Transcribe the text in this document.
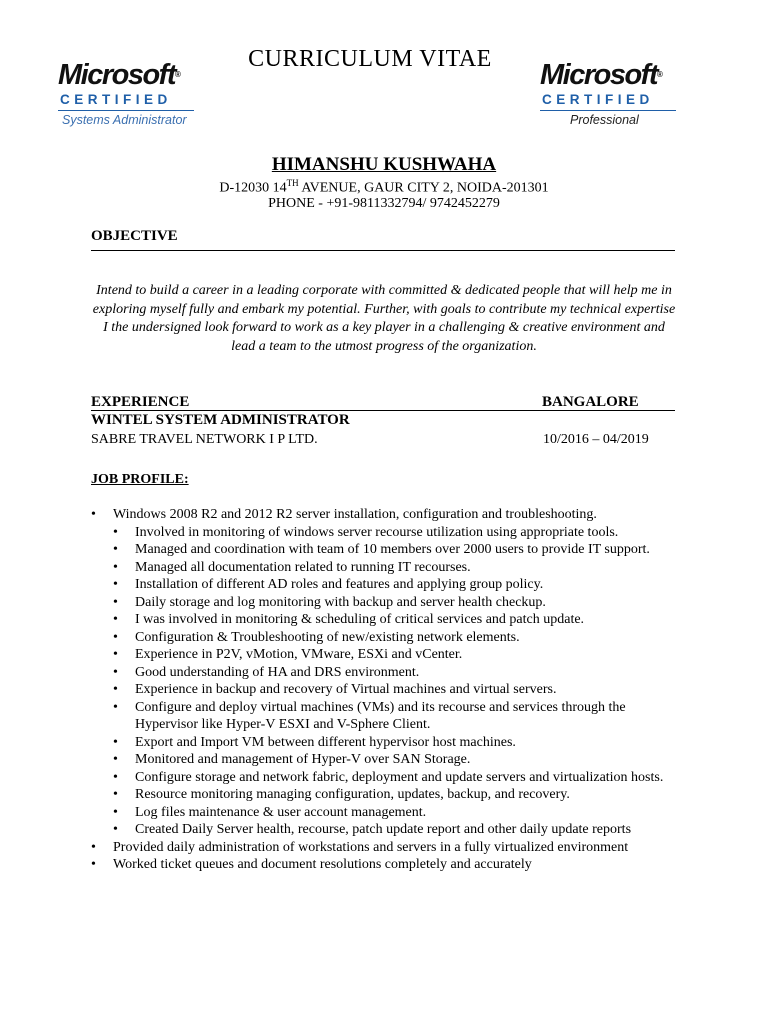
Microsoft®
CERTIFIED
Systems Administrator
Microsoft®
CERTIFIED
Professional
CURRICULUM VITAE
HIMANSHU KUSHWAHA
D-12030 14TH AVENUE, GAUR CITY 2, NOIDA-201301
PHONE - +91-9811332794/ 9742452279
OBJECTIVE
Intend to build a career in a leading corporate with committed & dedicated people that will help me in exploring myself fully and embark my potential. Further, with goals to contribute my technical expertise I the undersigned look forward to work as a key player in a challenging & creative environment and lead a team to the utmost progress of the organization.
EXPERIENCE	BANGALORE
WINTEL SYSTEM ADMINISTRATOR
SABRE TRAVEL NETWORK I P LTD.	10/2016 – 04/2019
JOB PROFILE:
• Windows 2008 R2 and 2012 R2 server installation, configuration and troubleshooting.
• Involved in monitoring of windows server recourse utilization using appropriate tools.
• Managed and coordination with team of 10 members over 2000 users to provide IT support.
• Managed all documentation related to running IT recourses.
• Installation of different AD roles and features and applying group policy.
• Daily storage and log monitoring with backup and server health checkup.
• I was involved in monitoring & scheduling of critical services and patch update.
• Configuration & Troubleshooting of new/existing network elements.
• Experience in P2V, vMotion, VMware, ESXi and vCenter.
• Good understanding of HA and DRS environment.
• Experience in backup and recovery of Virtual machines and virtual servers.
• Configure and deploy virtual machines (VMs) and its recourse and services through the Hypervisor like Hyper-V ESXI and V-Sphere Client.
• Export and Import VM between different hypervisor host machines.
• Monitored and management of Hyper-V over SAN Storage.
• Configure storage and network fabric, deployment and update servers and virtualization hosts.
• Resource monitoring managing configuration, updates, backup, and recovery.
• Log files maintenance & user account management.
• Created Daily Server health, recourse, patch update report and other daily update reports
• Provided daily administration of workstations and servers in a fully virtualized environment
• Worked ticket queues and document resolutions completely and accurately
